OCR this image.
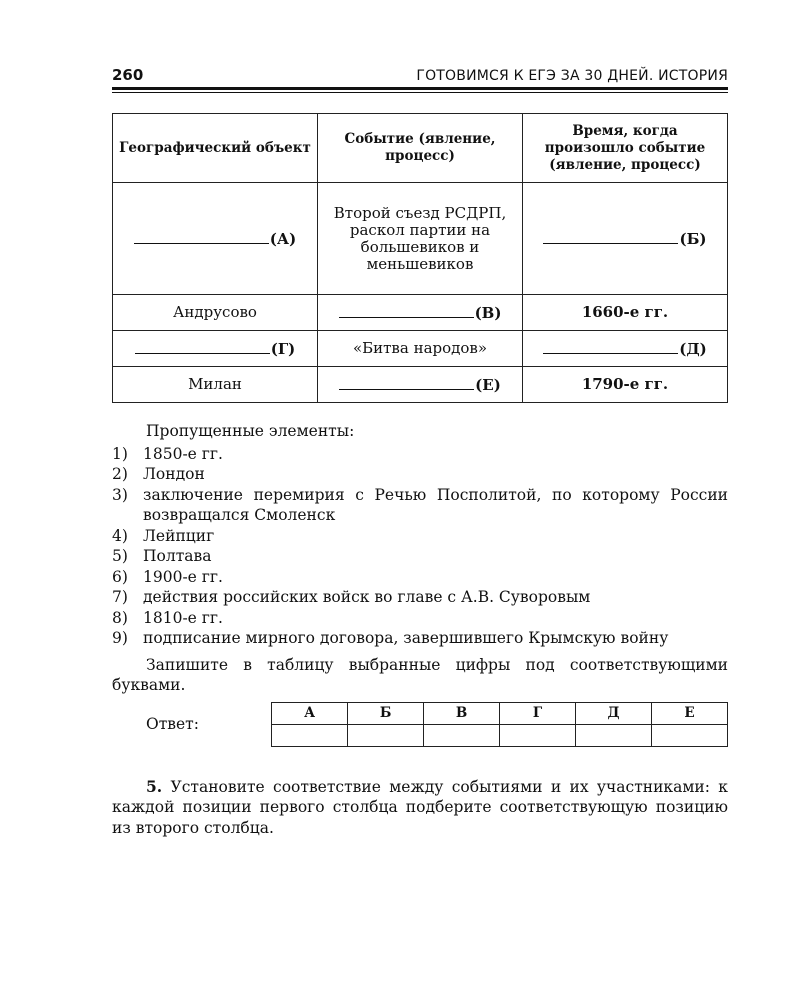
260	ГОТОВИМСЯ К ЕГЭ ЗА 30 ДНЕЙ. ИСТОРИЯ
Географический объект	Событие (явление, процесс)	Время, когда произошло событие (явление, процесс)
(А)	Второй съезд РСДРП, раскол партии на большевиков и меньшевиков	(Б)
Андрусово	(В)	1660-е гг.
(Г)	«Битва народов»	(Д)
Милан	(Е)	1790-е гг.

Пропущенные элементы:

1) 1850-е гг.
2) Лондон
3) заключение перемирия с Речью Посполитой, по которому России возвращался Смоленск
4) Лейпциг
5) Полтава
6) 1900-е гг.
7) действия российских войск во главе с А.В. Суворовым
8) 1810-е гг.
9) подписание мирного договора, завершившего Крымскую войну

Запишите в таблицу выбранные цифры под соответствующими буквами.

Ответ:
А	Б	В	Г	Д	Е

5. Установите соответствие между событиями и их участниками: к каждой позиции первого столбца подберите соответствующую позицию из второго столбца.
